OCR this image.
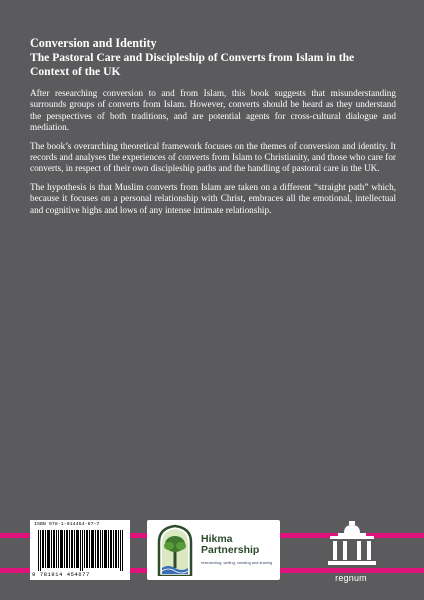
Conversion and Identity
The Pastoral Care and Discipleship of Converts from Islam in the Context of the UK

After researching conversion to and from Islam, this book suggests that misunderstanding surrounds groups of converts from Islam. However, converts should be heard as they understand the perspectives of both traditions, and are potential agents for cross-cultural dialogue and mediation.

The book’s overarching theoretical framework focuses on the themes of conversion and identity. It records and analyses the experiences of converts from Islam to Christianity, and those who care for converts, in respect of their own discipleship paths and the handling of pastoral care in the UK.

The hypothesis is that Muslim converts from Islam are taken on a different “straight path” which, because it focuses on a personal relationship with Christ, embraces all the emotional, intellectual and cognitive highs and lows of any intense intimate relationship.

ISBN 978-1-914454-67-7
9 781914 454677
Hikma
Partnership
researching, writing, creating and sharing
regnum
